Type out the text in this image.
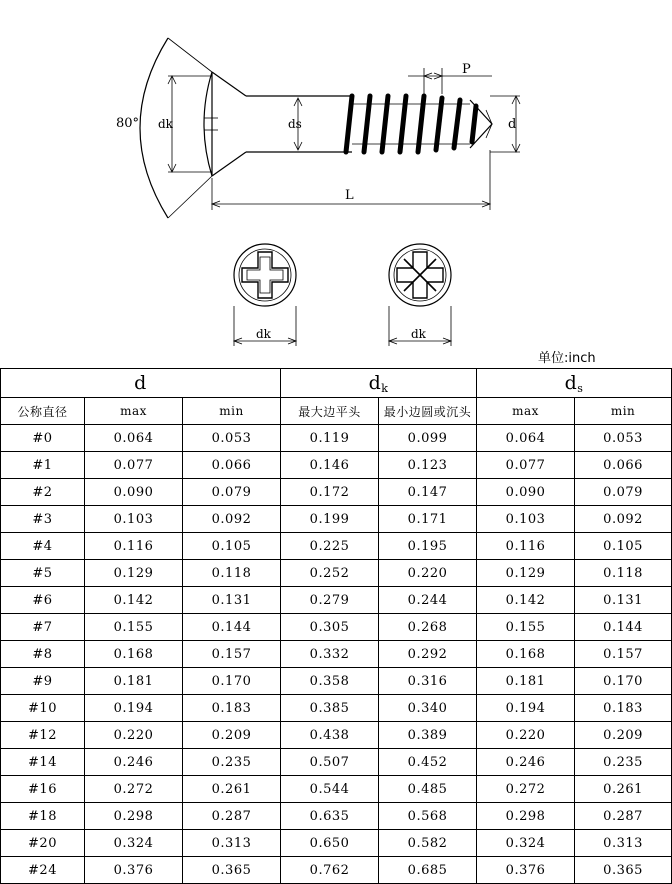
80° dk	ds	d
P
L
dk	dk
单位:inch
d			$d_k$		$d_s$
公称直径	max	min	最大边平头	最小边圆或沉头	max	min
#0	0.064	0.053	0.119	0.099	0.064	0.053
#1	0.077	0.066	0.146	0.123	0.077	0.066
#2	0.090	0.079	0.172	0.147	0.090	0.079
#3	0.103	0.092	0.199	0.171	0.103	0.092
#4	0.116	0.105	0.225	0.195	0.116	0.105
#5	0.129	0.118	0.252	0.220	0.129	0.118
#6	0.142	0.131	0.279	0.244	0.142	0.131
#7	0.155	0.144	0.305	0.268	0.155	0.144
#8	0.168	0.157	0.332	0.292	0.168	0.157
#9	0.181	0.170	0.358	0.316	0.181	0.170
#10	0.194	0.183	0.385	0.340	0.194	0.183
#12	0.220	0.209	0.438	0.389	0.220	0.209
#14	0.246	0.235	0.507	0.452	0.246	0.235
#16	0.272	0.261	0.544	0.485	0.272	0.261
#18	0.298	0.287	0.635	0.568	0.298	0.287
#20	0.324	0.313	0.650	0.582	0.324	0.313
#24	0.376	0.365	0.762	0.685	0.376	0.365
